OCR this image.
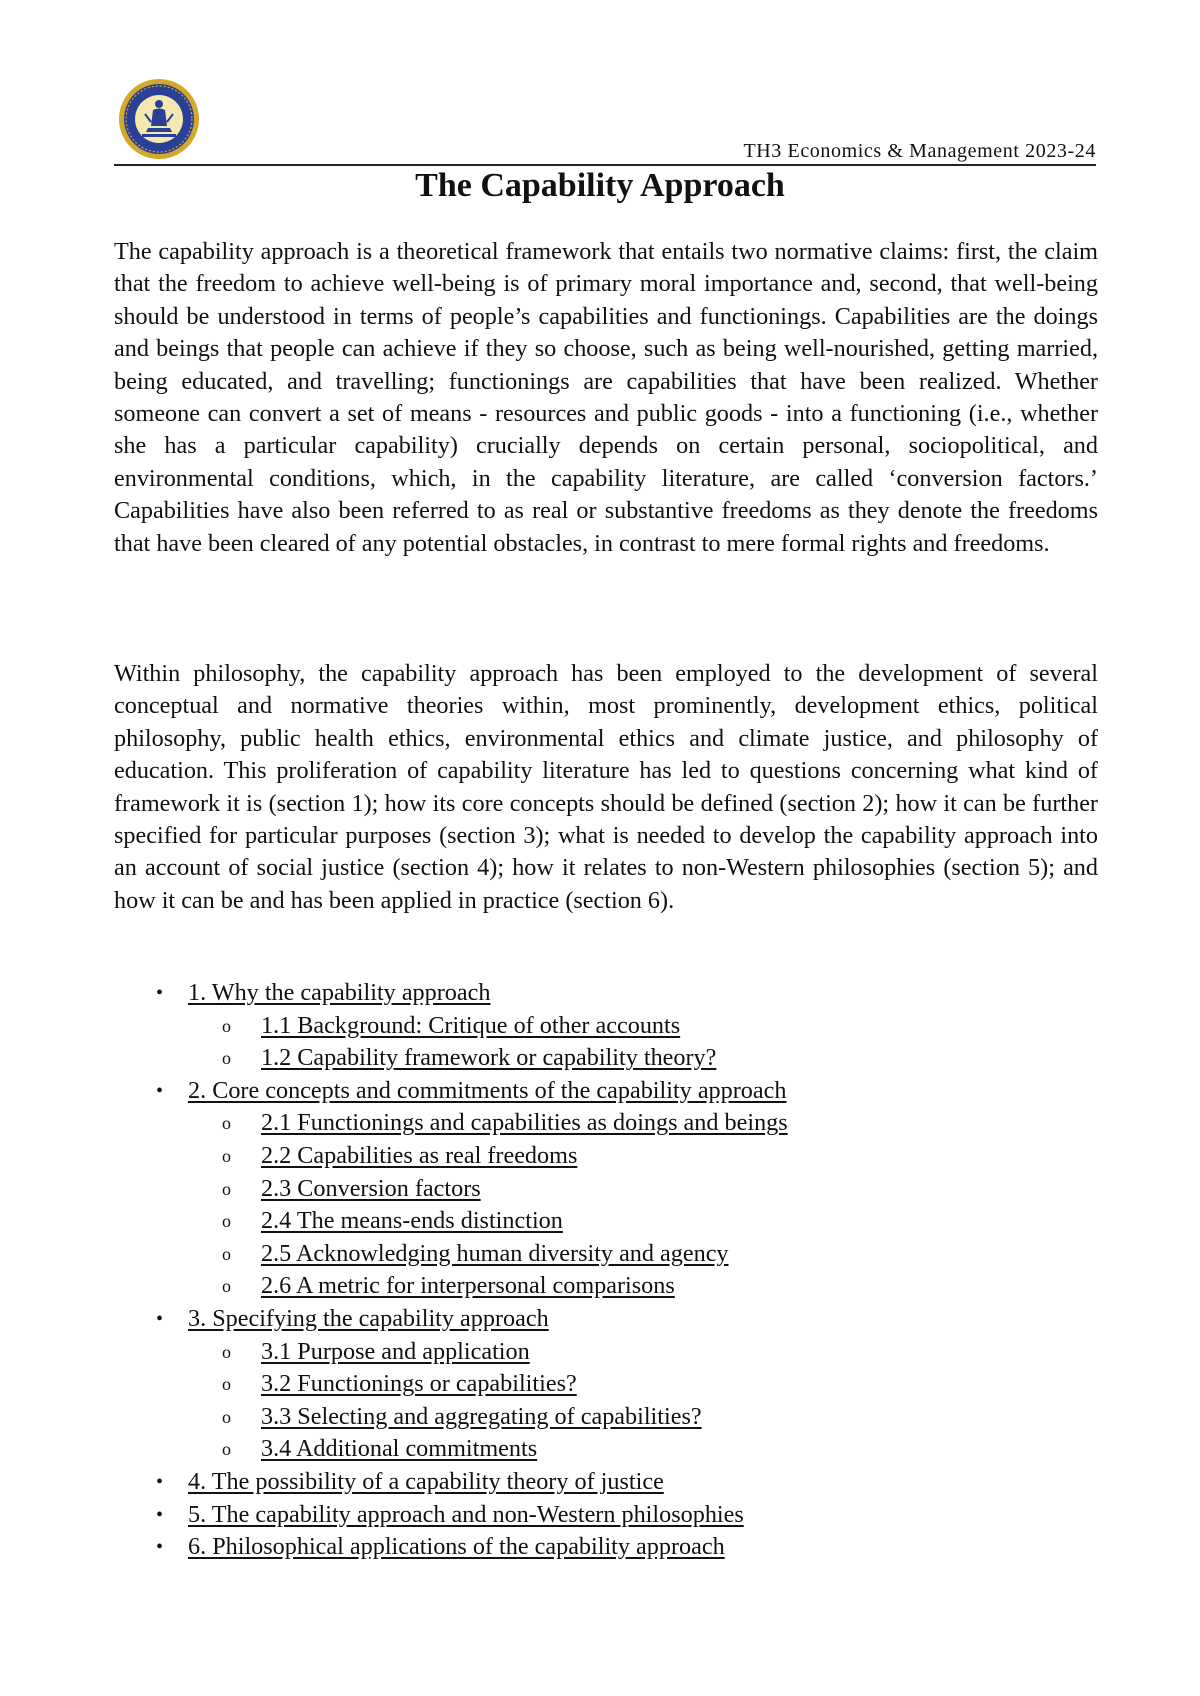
TH3 Economics & Management 2023-24
The Capability Approach
The capability approach is a theoretical framework that entails two normative claims: first, the claim that the freedom to achieve well-being is of primary moral importance and, second, that well-being should be understood in terms of people’s capabilities and functionings. Capabilities are the doings and beings that people can achieve if they so choose, such as being well-nourished, getting married, being educated, and travelling; functionings are capabilities that have been realized. Whether someone can convert a set of means - resources and public goods - into a functioning (i.e., whether she has a particular capability) crucially depends on certain personal, sociopolitical, and environmental conditions, which, in the capability literature, are called ‘conversion factors.’ Capabilities have also been referred to as real or substantive freedoms as they denote the freedoms that have been cleared of any potential obstacles, in contrast to mere formal rights and freedoms.
Within philosophy, the capability approach has been employed to the development of several conceptual and normative theories within, most prominently, development ethics, political philosophy, public health ethics, environmental ethics and climate justice, and philosophy of education. This proliferation of capability literature has led to questions concerning what kind of framework it is (section 1); how its core concepts should be defined (section 2); how it can be further specified for particular purposes (section 3); what is needed to develop the capability approach into an account of social justice (section 4); how it relates to non-Western philosophies (section 5); and how it can be and has been applied in practice (section 6).
• 1. Why the capability approach
o 1.1 Background: Critique of other accounts
o 1.2 Capability framework or capability theory?
• 2. Core concepts and commitments of the capability approach
o 2.1 Functionings and capabilities as doings and beings
o 2.2 Capabilities as real freedoms
o 2.3 Conversion factors
o 2.4 The means-ends distinction
o 2.5 Acknowledging human diversity and agency
o 2.6 A metric for interpersonal comparisons
• 3. Specifying the capability approach
o 3.1 Purpose and application
o 3.2 Functionings or capabilities?
o 3.3 Selecting and aggregating of capabilities?
o 3.4 Additional commitments
• 4. The possibility of a capability theory of justice
• 5. The capability approach and non-Western philosophies
• 6. Philosophical applications of the capability approach
